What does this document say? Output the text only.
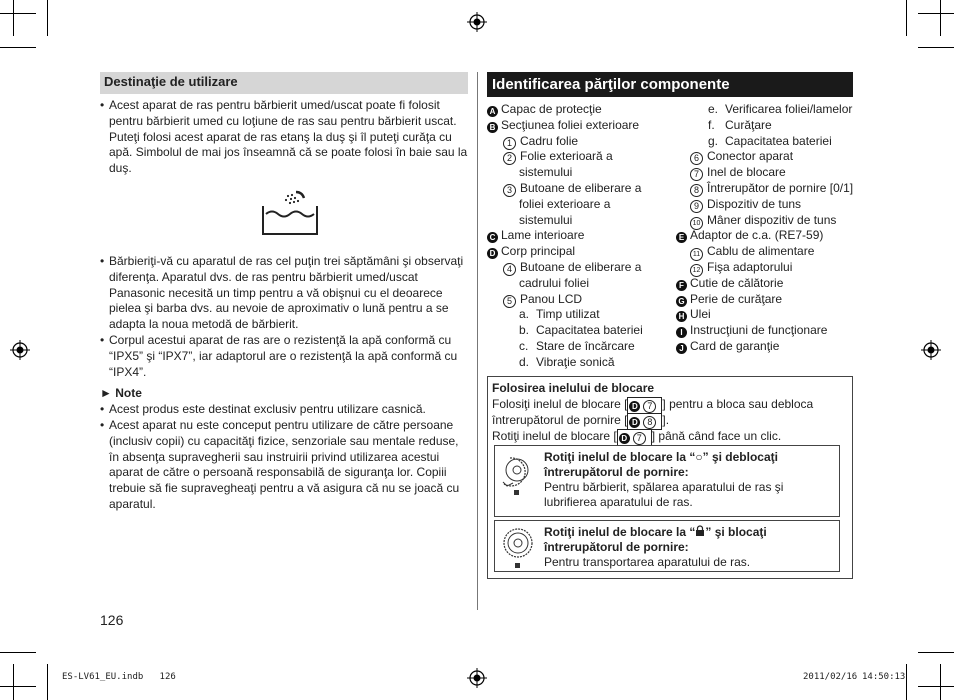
Destinaţie de utilizare
• Acest aparat de ras pentru bărbierit umed/uscat poate fi folosit pentru bărbierit umed cu loţiune de ras sau pentru bărbierit uscat. Puteţi folosi acest aparat de ras etanş la duş şi îl puteţi curăţa cu apă. Simbolul de mai jos înseamnă că se poate folosi în baie sau la duş.
• Bărbieriţi-vă cu aparatul de ras cel puţin trei săptămâni şi observaţi diferenţa. Aparatul dvs. de ras pentru bărbierit umed/uscat Panasonic necesită un timp pentru a vă obişnui cu el deoarece pielea şi barba dvs. au nevoie de aproximativ o lună pentru a se adapta la noua metodă de bărbierit.
• Corpul acestui aparat de ras are o rezistenţă la apă conformă cu “IPX5” şi “IPX7”, iar adaptorul are o rezistenţă la apă conformă cu “IPX4”.
► Note
• Acest produs este destinat exclusiv pentru utilizare casnică.
• Acest aparat nu este conceput pentru utilizare de către persoane (inclusiv copii) cu capacităţi fizice, senzoriale sau mentale reduse, în absenţa supravegherii sau instruirii privind utilizarea acestui aparat de către o persoană responsabilă de siguranţa lor. Copiii trebuie să fie supravegheaţi pentru a vă asigura că nu se joacă cu aparatul.
126
Identificarea părţilor componente
A Capac de protecţie
B Secţiunea foliei exterioare
1 Cadru folie
2 Folie exterioară a
sistemului
3 Butoane de eliberare a
foliei exterioare a
sistemului
C Lame interioare
D Corp principal
4 Butoane de eliberare a
cadrului foliei
5 Panou LCD
a. Timp utilizat
b. Capacitatea bateriei
c. Stare de încărcare
d. Vibraţie sonică
e. Verificarea foliei/lamelor
f. Curăţare
g. Capacitatea bateriei
6 Conector aparat
7 Inel de blocare
8 Întrerupător de pornire [0/1]
9 Dispozitiv de tuns
10 Mâner dispozitiv de tuns
E Adaptor de c.a. (RE7-59)
11 Cablu de alimentare
12 Fişa adaptorului
F Cutie de călătorie
G Perie de curăţare
H Ulei
I Instrucţiuni de funcţionare
J Card de garanţie
Folosirea inelului de blocare
Folosiţi inelul de blocare [ D 7 ] pentru a bloca sau debloca
întrerupătorul de pornire [ D 8 ].
Rotiţi inelul de blocare [ D 7 ] până când face un clic.
Rotiţi inelul de blocare la “○” şi deblocaţi
întrerupătorul de pornire:
Pentru bărbierit, spălarea aparatului de ras şi
lubrifierea aparatului de ras.
Rotiţi inelul de blocare la “ ” şi blocaţi
întrerupătorul de pornire:
Pentru transportarea aparatului de ras.
ES-LV61_EU.indb   126	2011/02/16 14:50:13
